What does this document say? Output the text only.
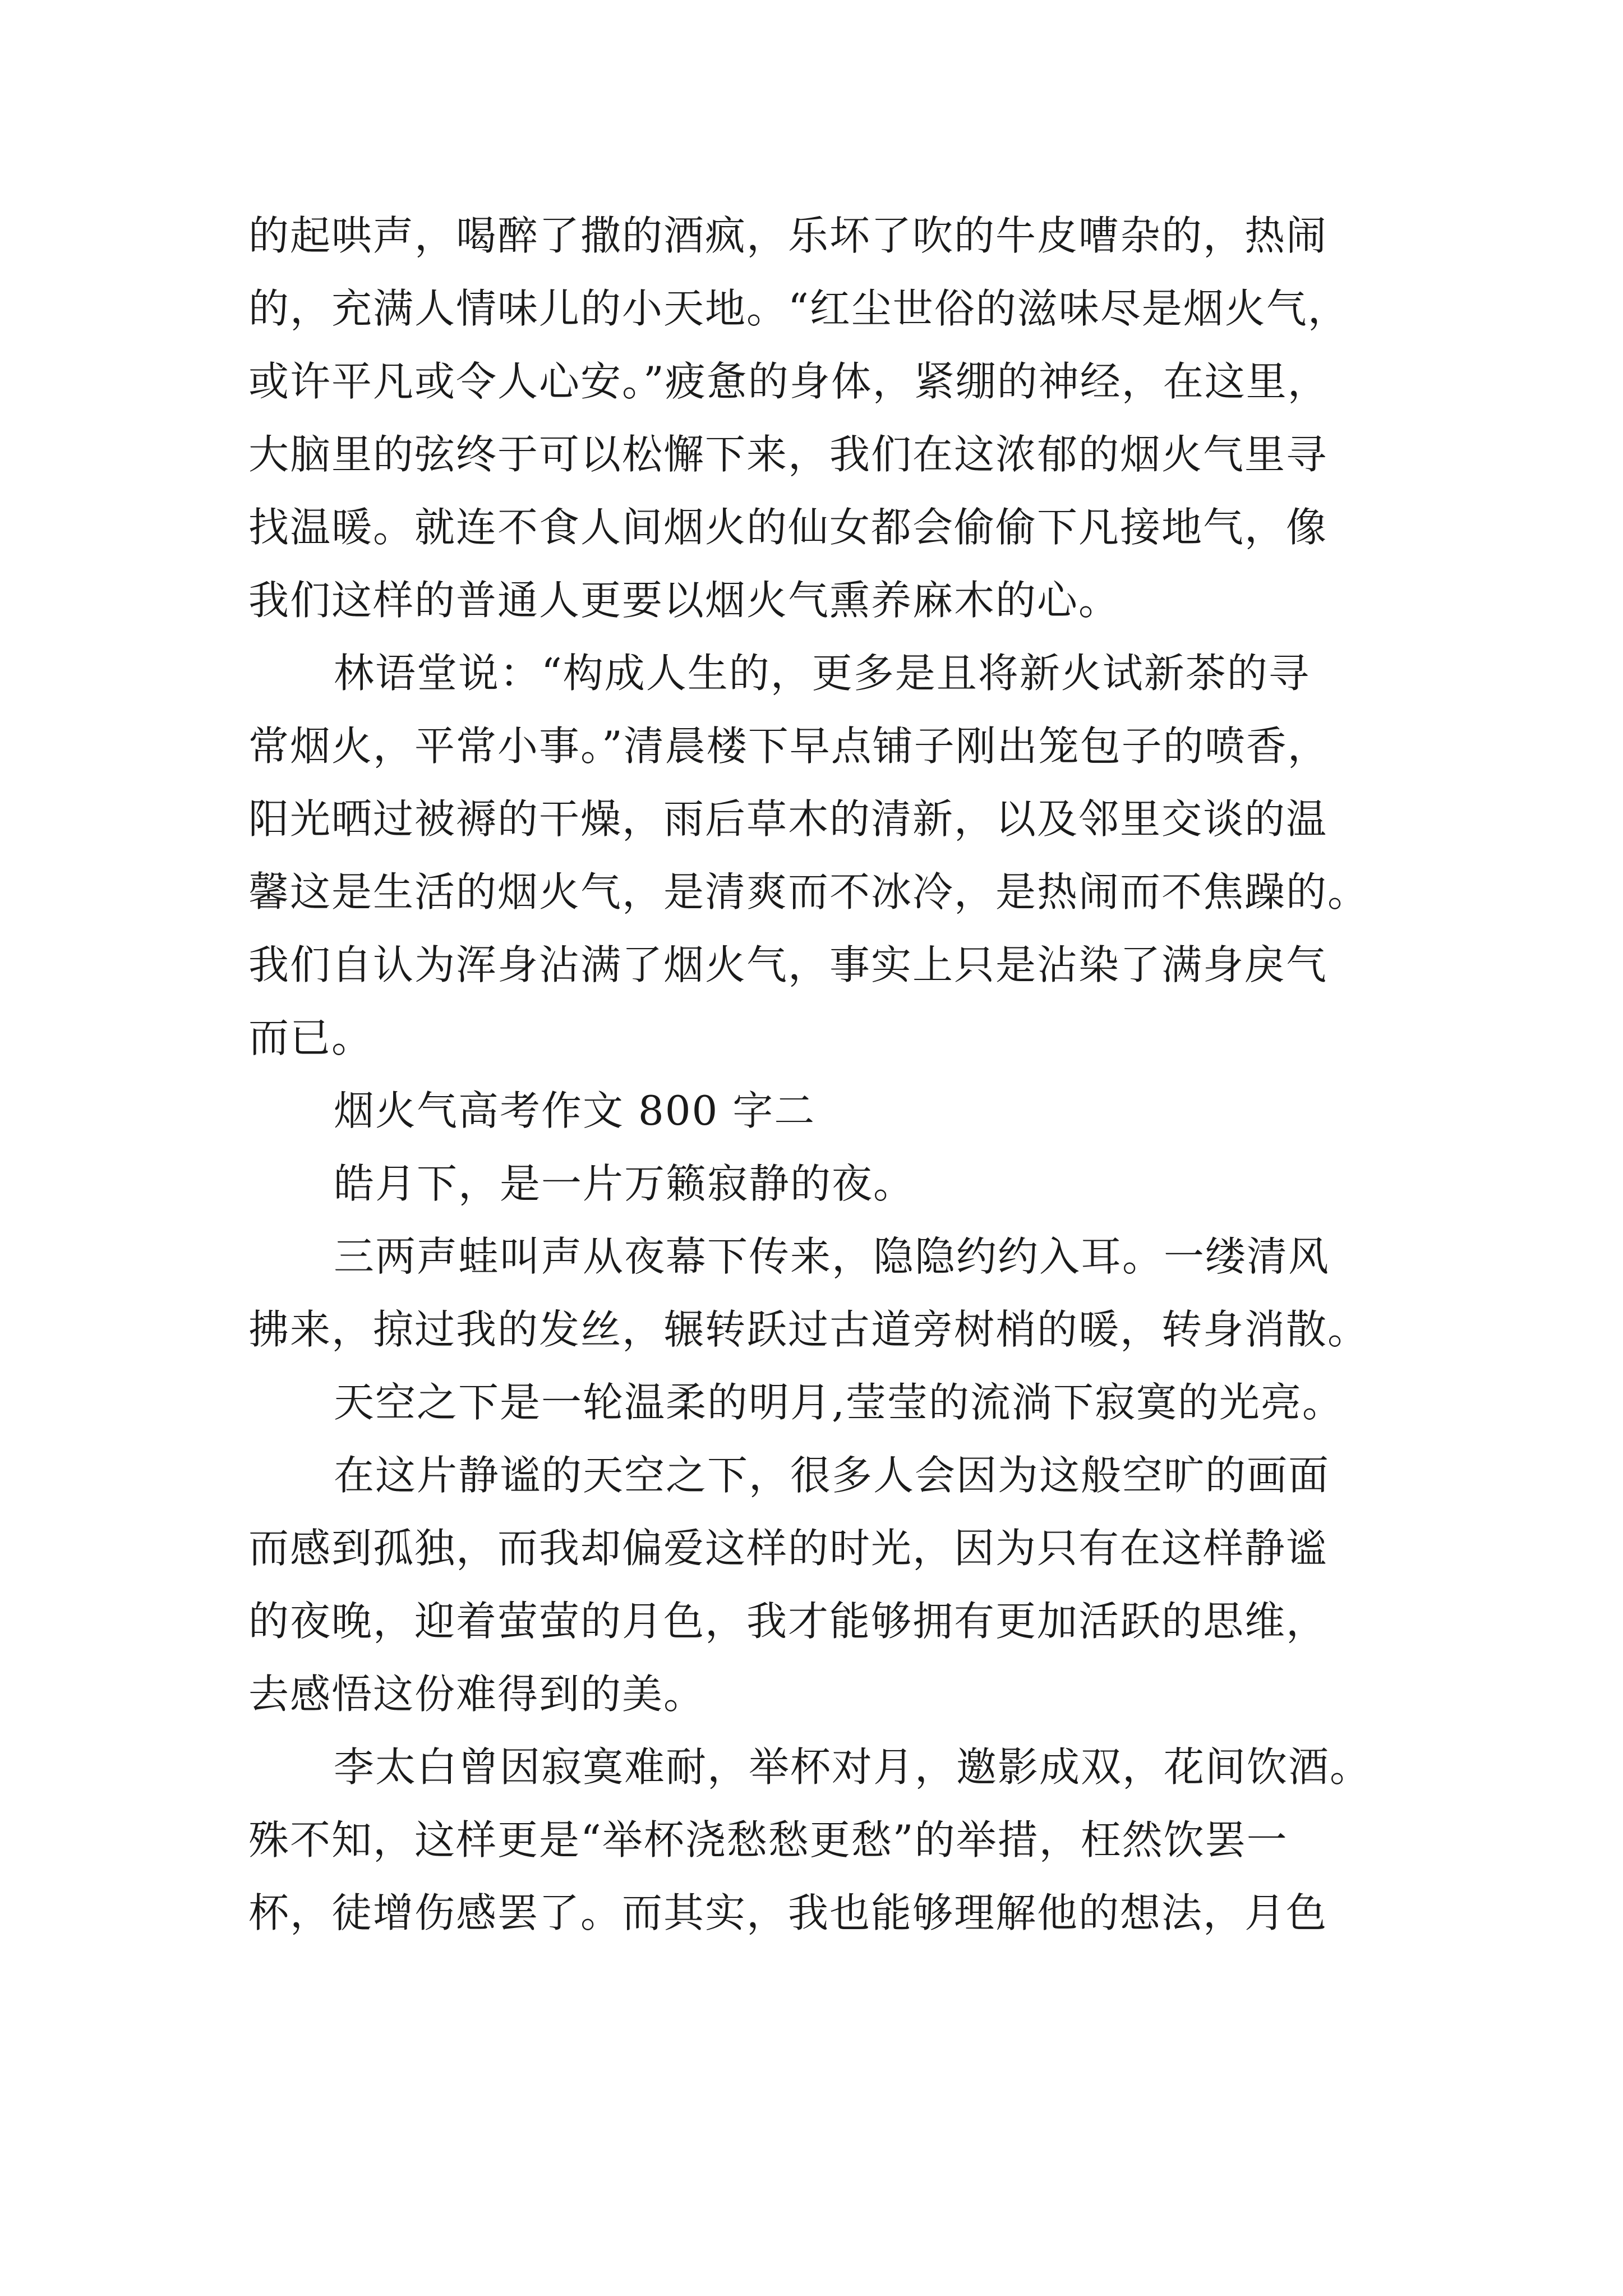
的起哄声，喝醉了撒的酒疯，乐坏了吹的牛皮嘈杂的，热闹
的，充满人情味儿的小天地。“红尘世俗的滋味尽是烟火气，
或许平凡或令人心安。”疲惫的身体，紧绷的神经，在这里，
大脑里的弦终于可以松懈下来，我们在这浓郁的烟火气里寻
找温暖。就连不食人间烟火的仙女都会偷偷下凡接地气，像
我们这样的普通人更要以烟火气熏养麻木的心。
林语堂说：“构成人生的，更多是且将新火试新茶的寻
常烟火，平常小事。”清晨楼下早点铺子刚出笼包子的喷香，
阳光晒过被褥的干燥，雨后草木的清新，以及邻里交谈的温
馨这是生活的烟火气，是清爽而不冰冷，是热闹而不焦躁的。
我们自认为浑身沾满了烟火气，事实上只是沾染了满身戾气
而已。
烟火气高考作文 800 字二
皓月下，是一片万籁寂静的夜。
三两声蛙叫声从夜幕下传来，隐隐约约入耳。一缕清风
拂来，掠过我的发丝，辗转跃过古道旁树梢的暖，转身消散。
天空之下是一轮温柔的明月,莹莹的流淌下寂寞的光亮。
在这片静谧的天空之下，很多人会因为这般空旷的画面
而感到孤独，而我却偏爱这样的时光，因为只有在这样静谧
的夜晚，迎着萤萤的月色，我才能够拥有更加活跃的思维，
去感悟这份难得到的美。
李太白曾因寂寞难耐，举杯对月，邀影成双，花间饮酒。
殊不知，这样更是“举杯浇愁愁更愁”的举措，枉然饮罢一
杯，徒增伤感罢了。而其实，我也能够理解他的想法，月色
